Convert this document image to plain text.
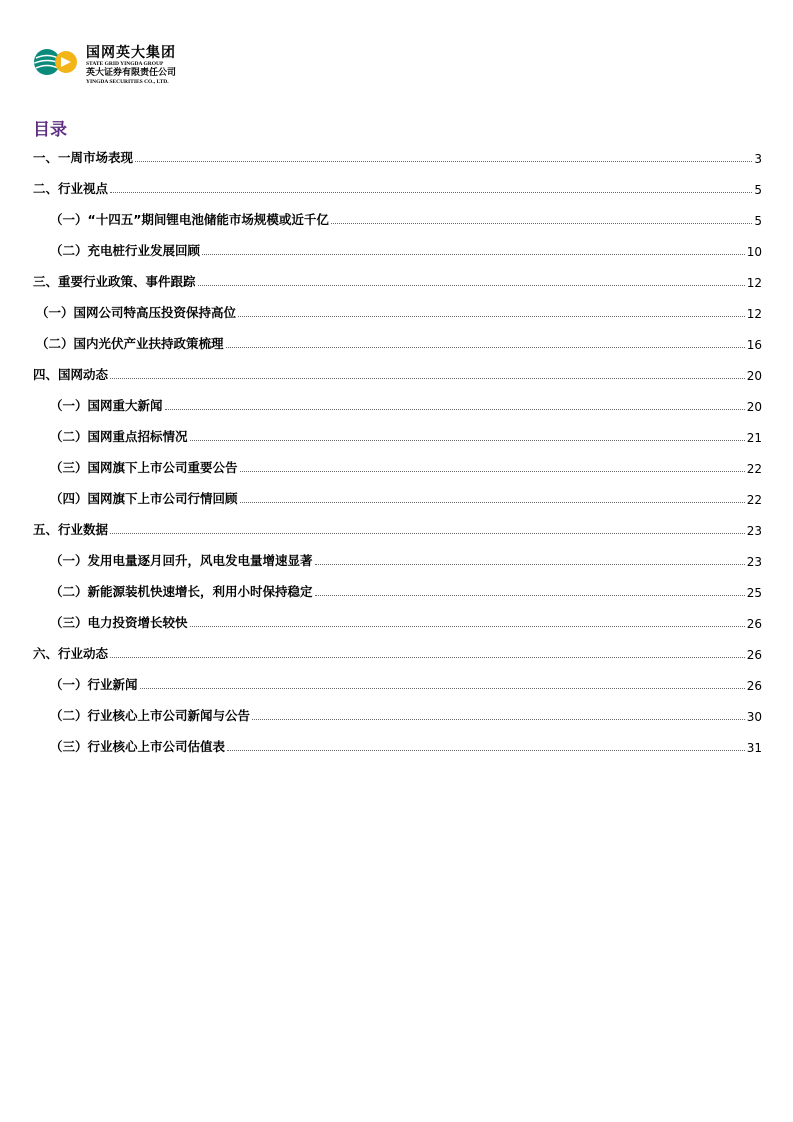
国网英大集团
STATE GRID YINGDA GROUP
英大证券有限责任公司
YINGDA SECURITIES CO., LTD.
目录
一、一周市场表现	3
二、行业视点	5
（一）“十四五”期间锂电池储能市场规模或近千亿	5
（二）充电桩行业发展回顾	10
三、重要行业政策、事件跟踪	12
（一）国网公司特高压投资保持高位	12
（二）国内光伏产业扶持政策梳理	16
四、国网动态	20
（一）国网重大新闻	20
（二）国网重点招标情况	21
（三）国网旗下上市公司重要公告	22
（四）国网旗下上市公司行情回顾	22
五、行业数据	23
（一）发用电量逐月回升，风电发电量增速显著	23
（二）新能源装机快速增长，利用小时保持稳定	25
（三）电力投资增长较快	26
六、行业动态	26
（一）行业新闻	26
（二）行业核心上市公司新闻与公告	30
（三）行业核心上市公司估值表	31
